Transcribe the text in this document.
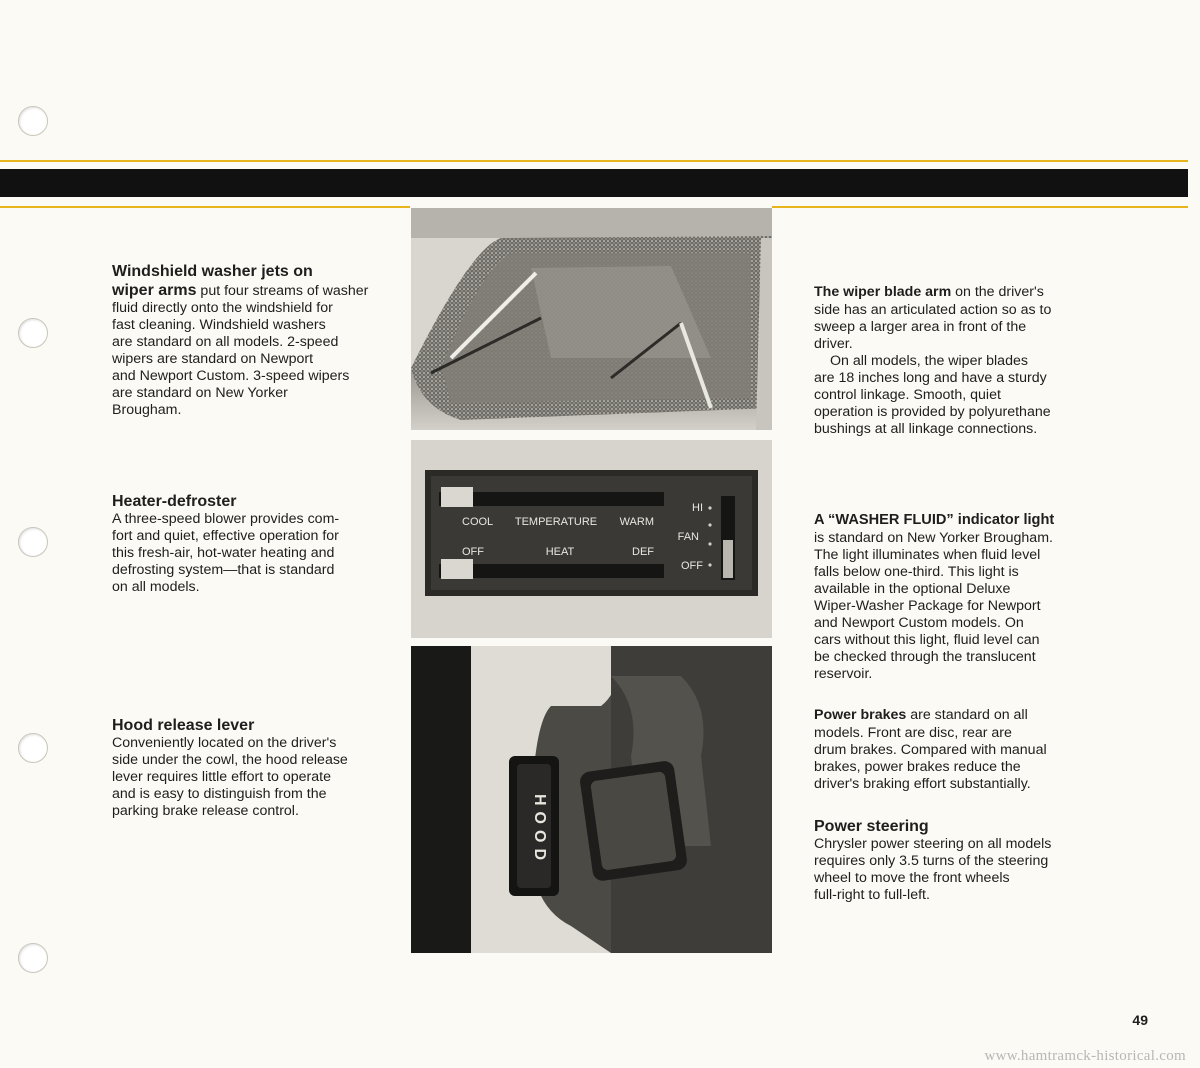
Windshield washer jets on

wiper arms put four streams of washer

fluid directly onto the windshield for

fast cleaning. Windshield washers

are standard on all models. 2-speed

wipers are standard on Newport

and Newport Custom. 3-speed wipers

are standard on New Yorker

Brougham.

Heater-defroster

A three-speed blower provides com-

fort and quiet, effective operation for

this fresh-air, hot-water heating and

defrosting system—that is standard

on all models.

Hood release lever

Conveniently located on the driver's

side under the cowl, the hood release

lever requires little effort to operate

and is easy to distinguish from the

parking brake release control.

COOL TEMPERATURE WARM
OFF	HEAT	DEF
HI
FAN
OFF
HOOD

The wiper blade arm on the driver's

side has an articulated action so as to

sweep a larger area in front of the

driver.

On all models, the wiper blades

are 18 inches long and have a sturdy

control linkage. Smooth, quiet

operation is provided by polyurethane

bushings at all linkage connections.

A “WASHER FLUID” indicator light

is standard on New Yorker Brougham.

The light illuminates when fluid level

falls below one-third. This light is

available in the optional Deluxe

Wiper-Washer Package for Newport

and Newport Custom models. On

cars without this light, fluid level can

be checked through the translucent

reservoir.

Power brakes are standard on all

models. Front are disc, rear are

drum brakes. Compared with manual

brakes, power brakes reduce the

driver's braking effort substantially.

Power steering

Chrysler power steering on all models

requires only 3.5 turns of the steering

wheel to move the front wheels

full-right to full-left.

49
www.hamtramck-historical.com
